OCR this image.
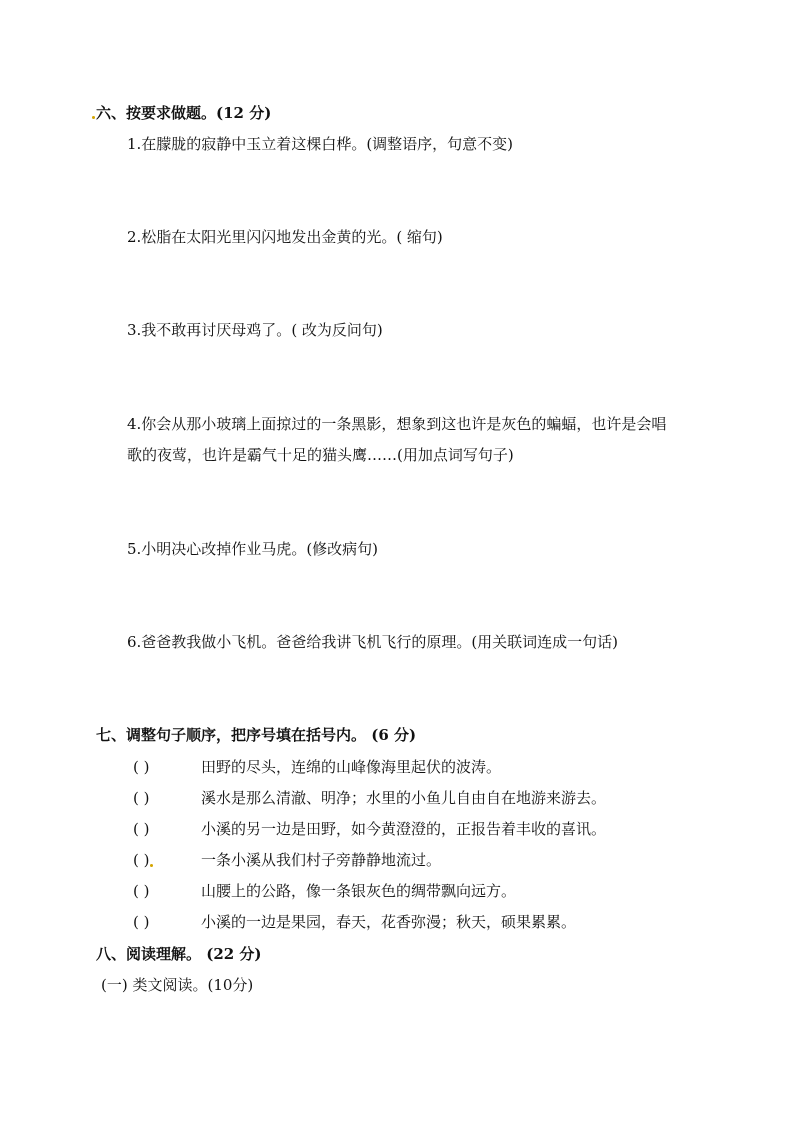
六、按要求做题。(12 分)
1.在朦胧的寂静中玉立着这棵白桦。(调整语序，句意不变)
2.松脂在太阳光里闪闪地发出金黄的光。( 缩句)
3.我不敢再讨厌母鸡了。( 改为反问句)
4.你会从那小玻璃上面掠过的一条黑影，想象到这也许是灰色的蝙蝠，也许是会唱
歌的夜莺，也许是霸气十足的猫头鹰……(用加点词写句子)
5.小明决心改掉作业马虎。(修改病句)
6.爸爸教我做小飞机。爸爸给我讲飞机飞行的原理。(用关联词连成一句话)
七、调整句子顺序，把序号填在括号内。 (6 分)
( )	田野的尽头，连绵的山峰像海里起伏的波涛。
( )	溪水是那么清澈、明净；水里的小鱼儿自由自在地游来游去。
( )	小溪的另一边是田野，如今黄澄澄的，正报告着丰收的喜讯。
( )	一条小溪从我们村子旁静静地流过。
( )	山腰上的公路，像一条银灰色的绸带飘向远方。
( )	小溪的一边是果园，春天，花香弥漫；秋天，硕果累累。
八、阅读理解。 (22 分)
(一) 类文阅读。(10分)
